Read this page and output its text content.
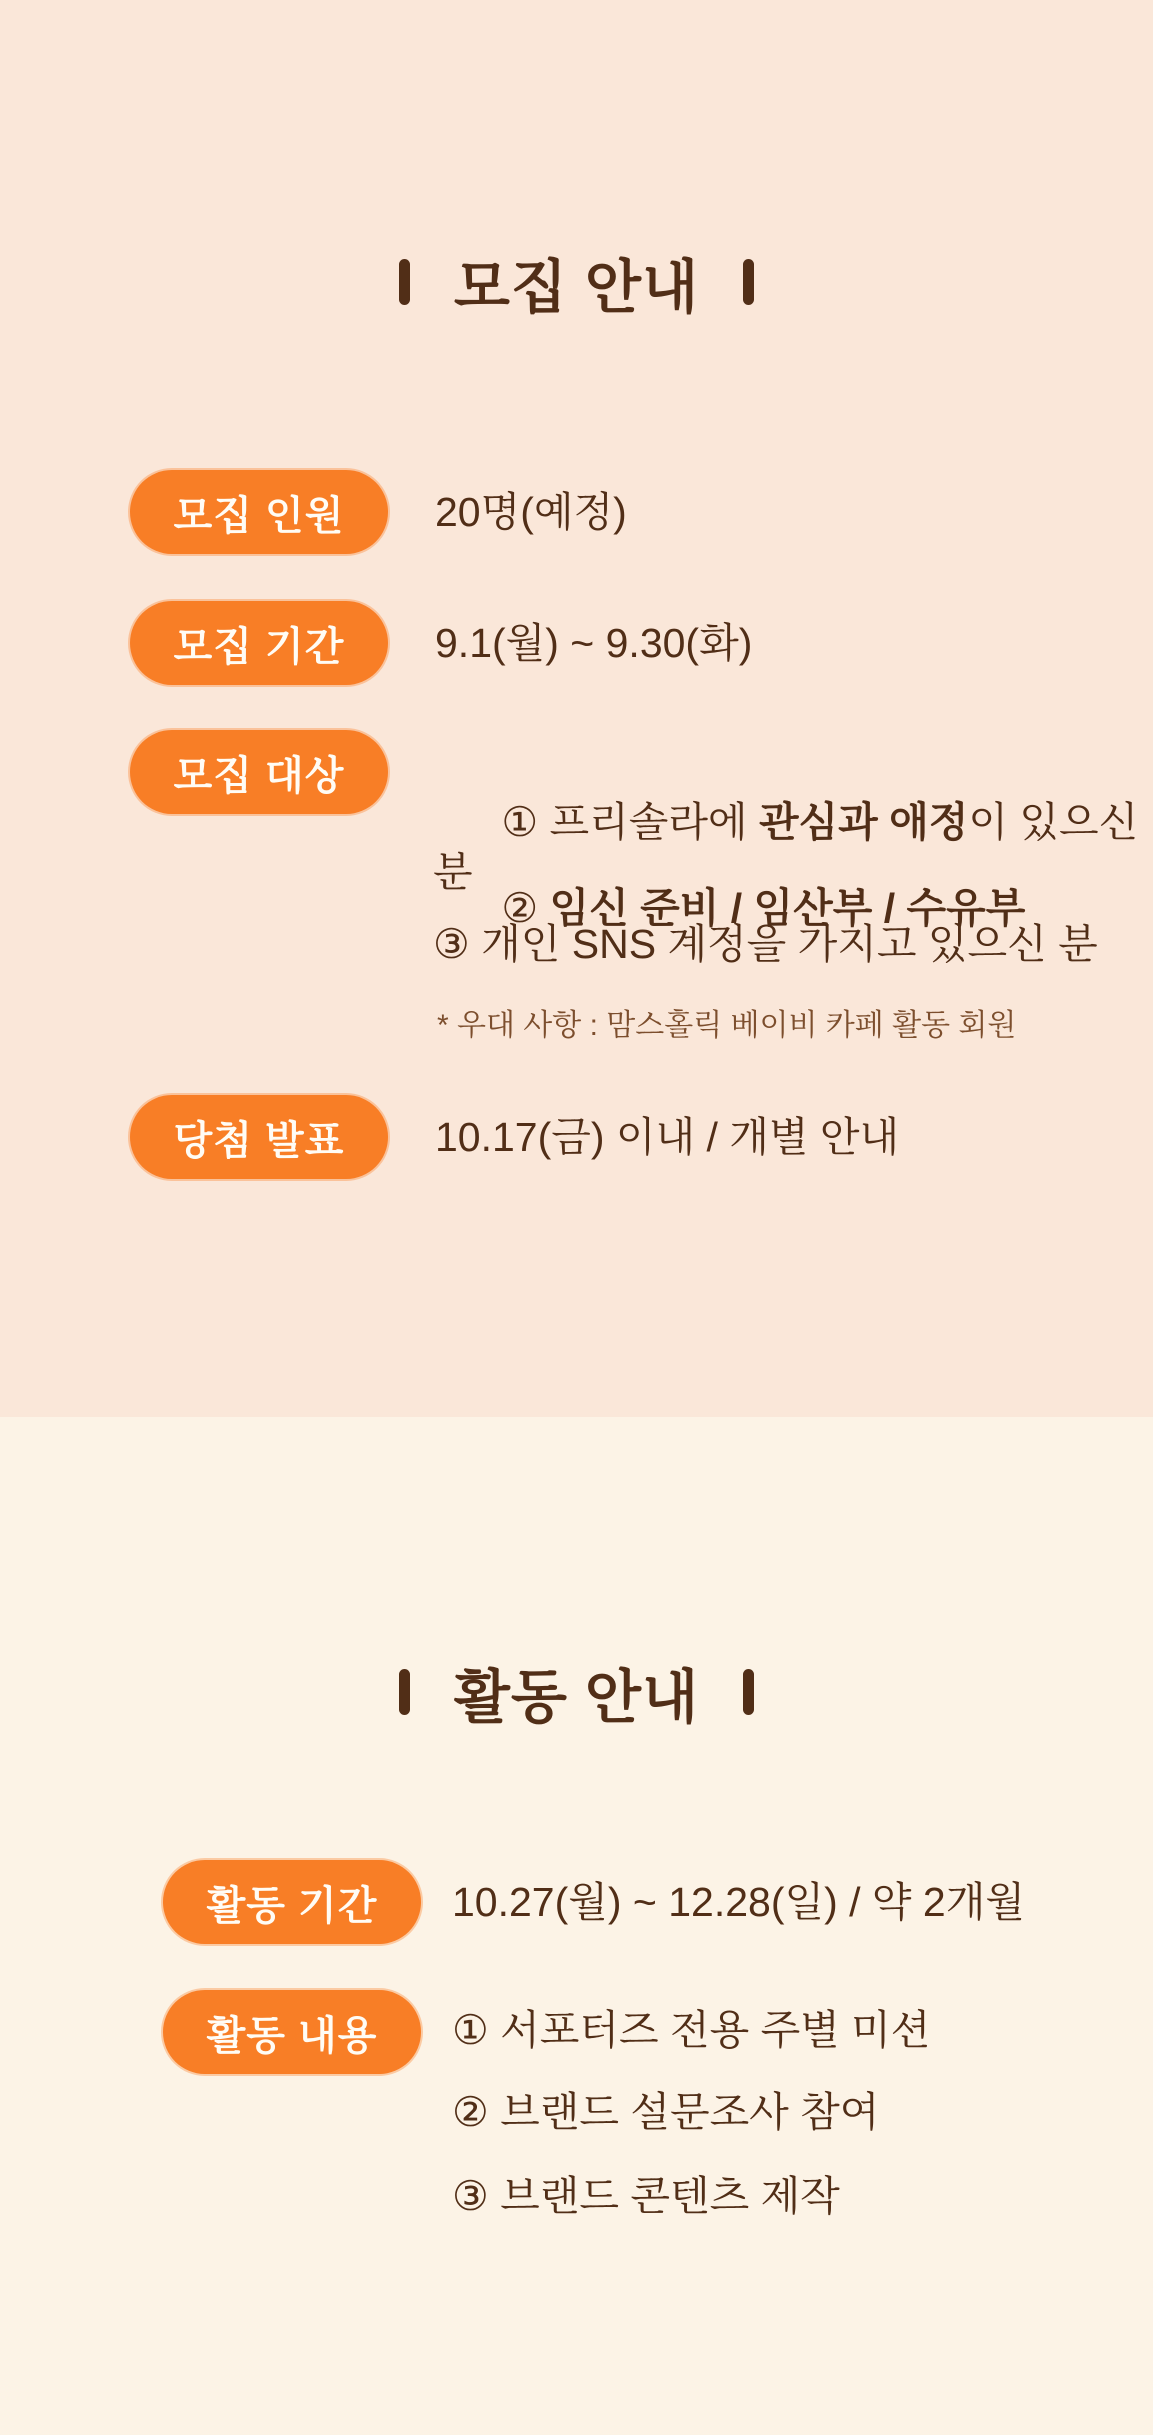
모집 안내
모집 인원 20명(예정)
모집 기간 9.1(월) ~ 9.30(화)
모집 대상

① 프리솔라에 관심과 애정이 있으신 분

② 임신 준비 / 임산부 / 수유부

③ 개인 SNS 계정을 가지고 있으신 분
* 우대 사항 : 맘스홀릭 베이비 카페 활동 회원
당첨 발표 10.17(금) 이내 / 개별 안내
활동 안내
활동 기간 10.27(월) ~ 12.28(일) / 약 2개월
활동 내용 ① 서포터즈 전용 주별 미션
② 브랜드 설문조사 참여
③ 브랜드 콘텐츠 제작
